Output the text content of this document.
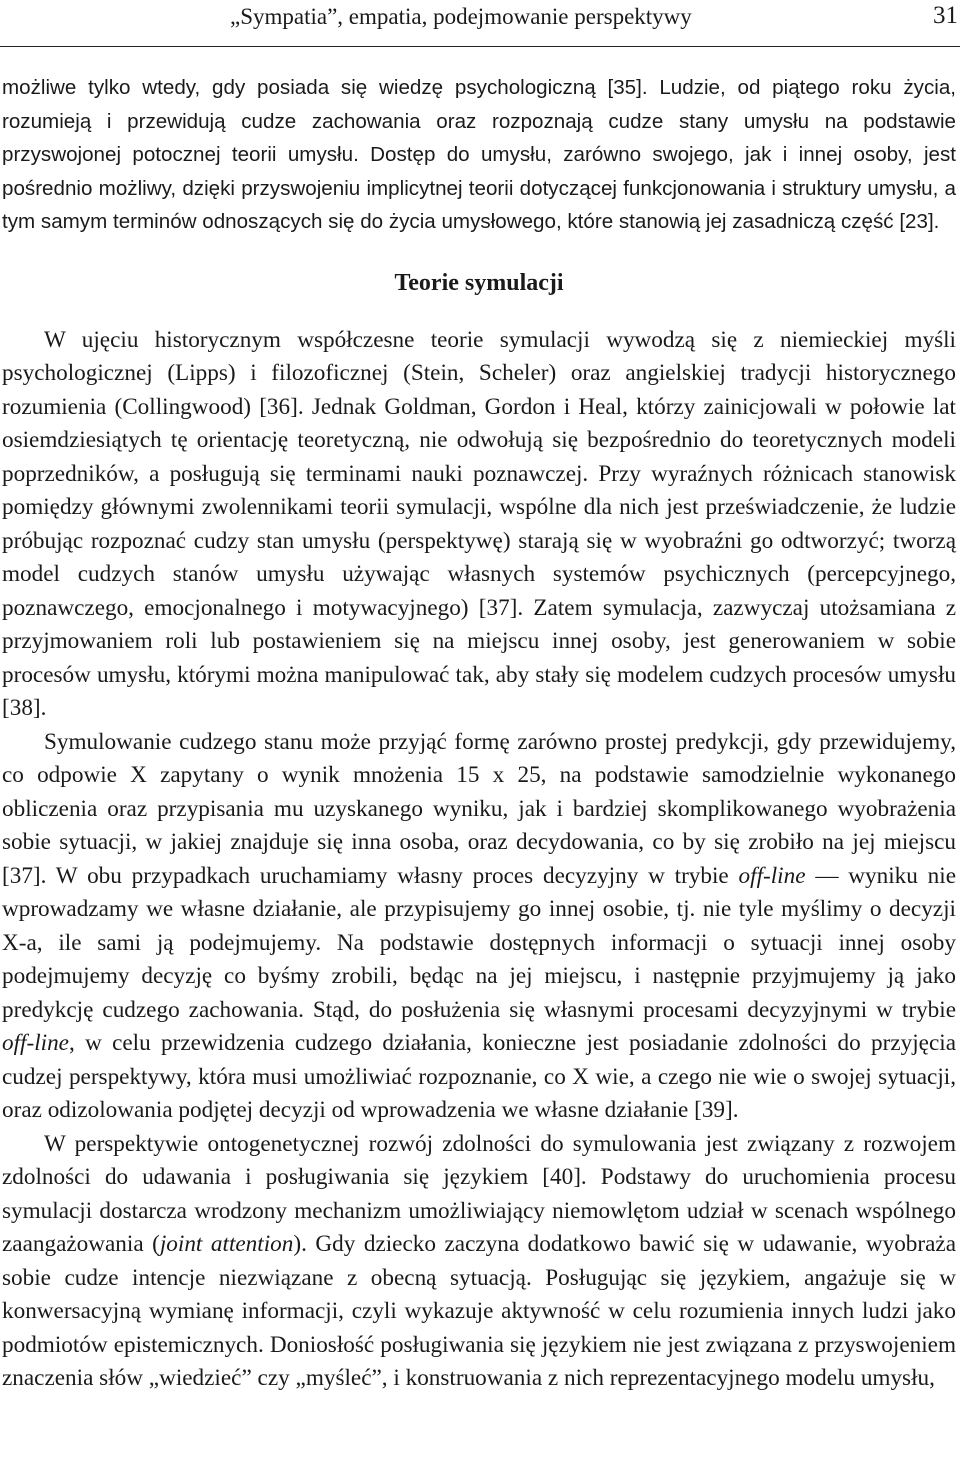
„Sympatia”, empatia, podejmowanie perspektywy	31

możliwe tylko wtedy, gdy posiada się wiedzę psychologiczną [35]. Ludzie, od piątego roku życia, rozumieją i przewidują cudze zachowania oraz rozpoznają cudze stany umysłu na podstawie przyswojonej potocznej teorii umysłu. Dostęp do umysłu, zarówno swojego, jak i innej osoby, jest pośrednio możliwy, dzięki przyswojeniu implicytnej teorii dotyczącej funkcjonowania i struktury umysłu, a tym samym terminów odnoszących się do życia umysłowego, które stanowią jej zasadniczą część [23].

Teorie symulacji

W ujęciu historycznym współczesne teorie symulacji wywodzą się z niemieckiej myśli psychologicznej (Lipps) i filozoficznej (Stein, Scheler) oraz angielskiej tradycji historycznego rozumienia (Collingwood) [36]. Jednak Goldman, Gordon i Heal, którzy zainicjowali w połowie lat osiemdziesiątych tę orientację teoretyczną, nie odwołują się bezpośrednio do teoretycznych modeli poprzedników, a posługują się terminami nauki poznawczej. Przy wyraźnych różnicach stanowisk pomiędzy głównymi zwolennikami teorii symulacji, wspólne dla nich jest przeświadczenie, że ludzie próbując rozpoznać cudzy stan umysłu (perspektywę) starają się w wyobraźni go odtworzyć; tworzą model cudzych stanów umysłu używając własnych systemów psychicznych (percepcyjnego, poznawczego, emocjonalnego i motywacyjnego) [37]. Zatem symulacja, zazwyczaj utożsamiana z przyjmowaniem roli lub postawieniem się na miejscu innej osoby, jest generowaniem w sobie procesów umysłu, którymi można manipulować tak, aby stały się modelem cudzych procesów umysłu [38].

Symulowanie cudzego stanu może przyjąć formę zarówno prostej predykcji, gdy przewidujemy, co odpowie X zapytany o wynik mnożenia 15 x 25, na podstawie samodzielnie wykonanego obliczenia oraz przypisania mu uzyskanego wyniku, jak i bardziej skomplikowanego wyobrażenia sobie sytuacji, w jakiej znajduje się inna osoba, oraz decydowania, co by się zrobiło na jej miejscu [37]. W obu przypadkach uruchamiamy własny proces decyzyjny w trybie off-line — wyniku nie wprowadzamy we własne działanie, ale przypisujemy go innej osobie, tj. nie tyle myślimy o decyzji X-a, ile sami ją podejmujemy. Na podstawie dostępnych informacji o sytuacji innej osoby podejmujemy decyzję co byśmy zrobili, będąc na jej miejscu, i następnie przyjmujemy ją jako predykcję cudzego zachowania. Stąd, do posłużenia się własnymi procesami decyzyjnymi w trybie off-line, w celu przewidzenia cudzego działania, konieczne jest posiadanie zdolności do przyjęcia cudzej perspektywy, która musi umożliwiać rozpoznanie, co X wie, a czego nie wie o swojej sytuacji, oraz odizolowania podjętej decyzji od wprowadzenia we własne działanie [39].

W perspektywie ontogenetycznej rozwój zdolności do symulowania jest związany z rozwojem zdolności do udawania i posługiwania się językiem [40]. Podstawy do uruchomienia procesu symulacji dostarcza wrodzony mechanizm umożliwiający niemowlętom udział w scenach wspólnego zaangażowania (joint attention). Gdy dziecko zaczyna dodatkowo bawić się w udawanie, wyobraża sobie cudze intencje niezwiązane z obecną sytuacją. Posługując się językiem, angażuje się w konwersacyjną wymianę informacji, czyli wykazuje aktywność w celu rozumienia innych ludzi jako podmiotów epistemicznych. Doniosłość posługiwania się językiem nie jest związana z przyswojeniem znaczenia słów „wiedzieć” czy „myśleć”, i konstruowania z nich reprezentacyjnego modelu umysłu,
